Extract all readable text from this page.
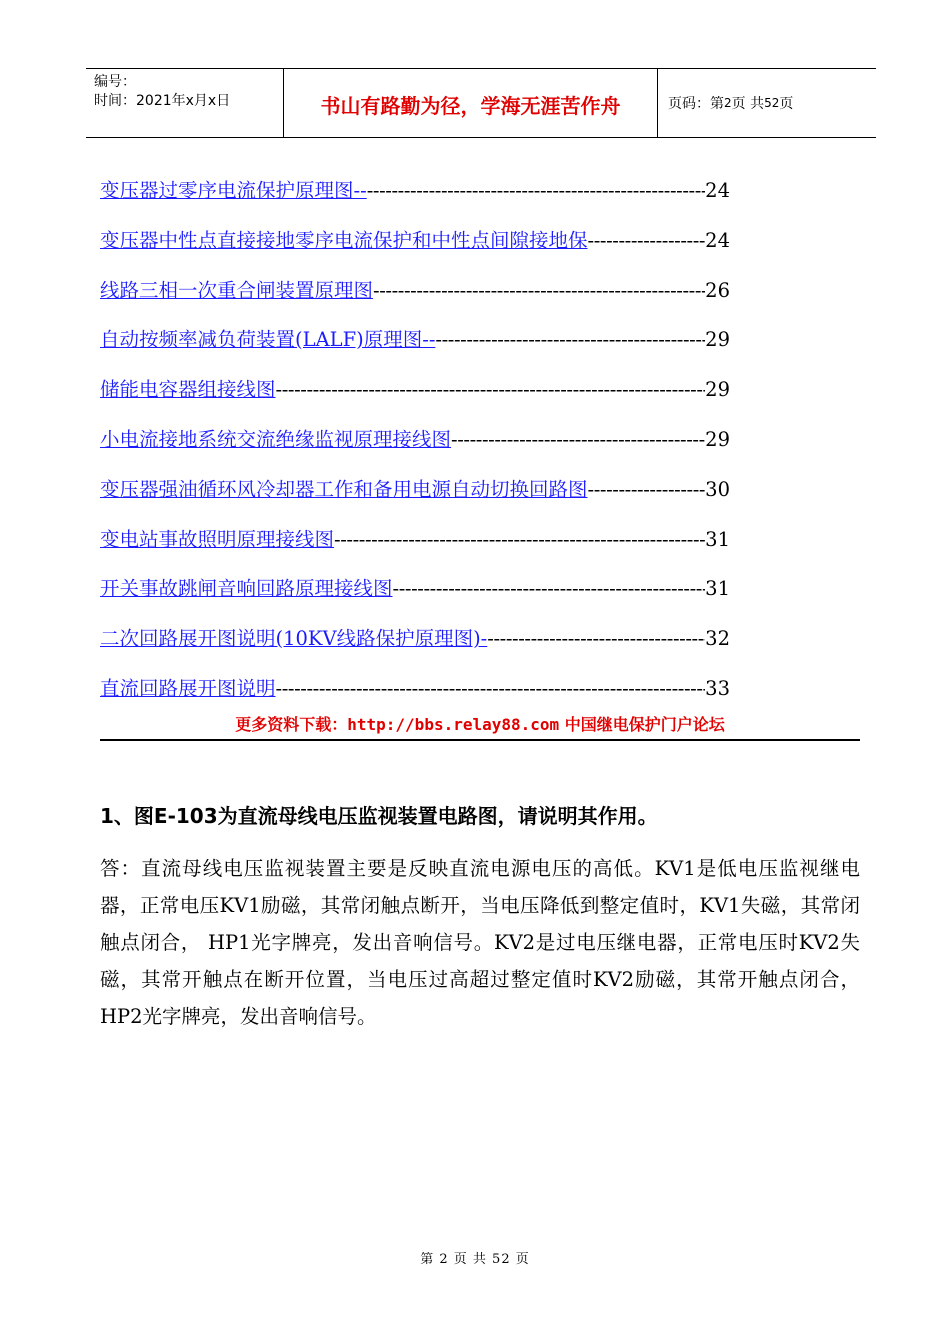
编号：
时间：2021年x月x日	书山有路勤为径，学海无涯苦作舟	页码：第 2 页 共 52 页
变压器过零序电流保护原理图-- -----	24
变压器中性点直接接地零序电流保护和中性点间隙接地保 -----	24
线路三相一次重合闸装置原理图 -----	26
自动按频率减负荷装置(LALF)原理图-- -----	29
储能电容器组接线图 -----	29
小电流接地系统交流绝缘监视原理接线图 -----	29
变压器强油循环风冷却器工作和备用电源自动切换回路图 -----	30
变电站事故照明原理接线图 -----	31
开关事故跳闸音响回路原理接线图 -----	31
二次回路展开图说明(10KV线路保护原理图)- -----	32
直流回路展开图说明 -----	33
更多资料下载：http://bbs.relay88.com 中国继电保护门户论坛
1、图E-103为直流母线电压监视装置电路图，请说明其作用。
答：直流母线电压监视装置主要是反映直流电源电压的高低。KV1是低电压监视继电器，正常电压KV1励磁，其常闭触点断开，当电压降低到整定值时，KV1失磁，其常闭触点闭合， HP1光字牌亮，发出音响信号。KV2是过电压继电器，正常电压时KV2失磁，其常开触点在断开位置，当电压过高超过整定值时KV2励磁，其常开触点闭合， HP2光字牌亮，发出音响信号。
第 2 页 共 52 页
